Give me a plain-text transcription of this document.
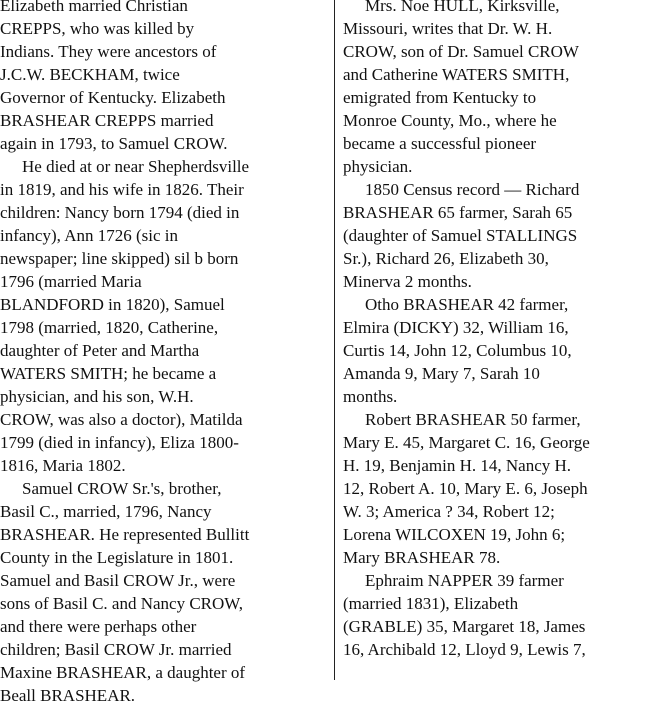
Elizabeth married Christian
CREPPS, who was killed by
Indians. They were ancestors of
J.C.W. BECKHAM, twice
Governor of Kentucky. Elizabeth
BRASHEAR CREPPS married
again in 1793, to Samuel CROW.
He died at or near Shepherdsville
in 1819, and his wife in 1826. Their
children: Nancy born 1794 (died in
infancy), Ann 1726 (sic in
newspaper; line skipped) sil b born
1796 (married Maria
BLANDFORD in 1820), Samuel
1798 (married, 1820, Catherine,
daughter of Peter and Martha
WATERS SMITH; he became a
physician, and his son, W.H.
CROW, was also a doctor), Matilda
1799 (died in infancy), Eliza 1800-
1816, Maria 1802.
Samuel CROW Sr.'s, brother,
Basil C., married, 1796, Nancy
BRASHEAR. He represented Bullitt
County in the Legislature in 1801.
Samuel and Basil CROW Jr., were
sons of Basil C. and Nancy CROW,
and there were perhaps other
children; Basil CROW Jr. married
Maxine BRASHEAR, a daughter of
Beall BRASHEAR.
Mrs. Noe HULL, Kirksville,
Missouri, writes that Dr. W. H.
CROW, son of Dr. Samuel CROW
and Catherine WATERS SMITH,
emigrated from Kentucky to
Monroe County, Mo., where he
became a successful pioneer
physician.
1850 Census record — Richard
BRASHEAR 65 farmer, Sarah 65
(daughter of Samuel STALLINGS
Sr.), Richard 26, Elizabeth 30,
Minerva 2 months.
Otho BRASHEAR 42 farmer,
Elmira (DICKY) 32, William 16,
Curtis 14, John 12, Columbus 10,
Amanda 9, Mary 7, Sarah 10
months.
Robert BRASHEAR 50 farmer,
Mary E. 45, Margaret C. 16, George
H. 19, Benjamin H. 14, Nancy H.
12, Robert A. 10, Mary E. 6, Joseph
W. 3; America ? 34, Robert 12;
Lorena WILCOXEN 19, John 6;
Mary BRASHEAR 78.
Ephraim NAPPER 39 farmer
(married 1831), Elizabeth
(GRABLE) 35, Margaret 18, James
16, Archibald 12, Lloyd 9, Lewis 7,
